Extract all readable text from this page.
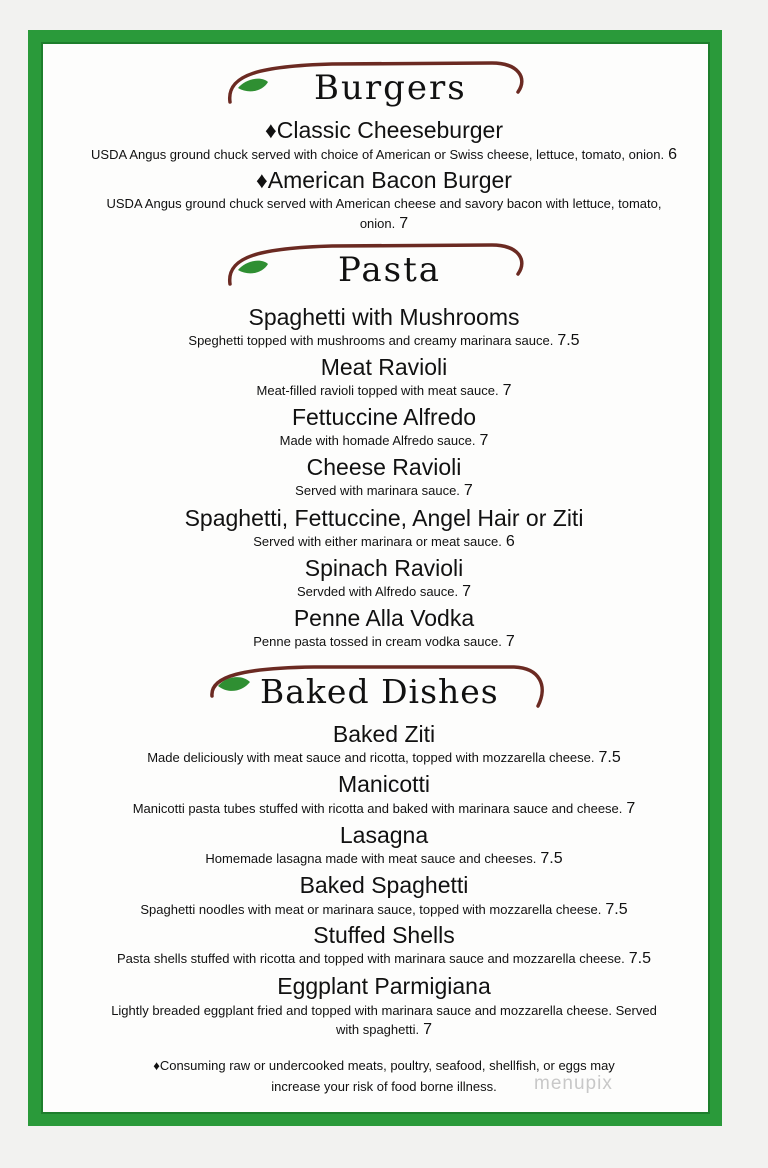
Burgers
♦Classic Cheeseburger
USDA Angus ground chuck served with choice of American or Swiss cheese, lettuce, tomato, onion. 6
♦American Bacon Burger
USDA Angus ground chuck served with American cheese and savory bacon with lettuce, tomato,
onion. 7
Pasta
Spaghetti with Mushrooms
Speghetti topped with mushrooms and creamy marinara sauce. 7.5
Meat Ravioli
Meat-filled ravioli topped with meat sauce. 7
Fettuccine Alfredo
Made with homade Alfredo sauce. 7
Cheese Ravioli
Served with marinara sauce. 7
Spaghetti, Fettuccine, Angel Hair or Ziti
Served with either marinara or meat sauce. 6
Spinach Ravioli
Servded with Alfredo sauce. 7
Penne Alla Vodka
Penne pasta tossed in cream vodka sauce. 7
Baked Dishes
Baked Ziti
Made deliciously with meat sauce and ricotta, topped with mozzarella cheese. 7.5
Manicotti
Manicotti pasta tubes stuffed with ricotta and baked with marinara sauce and cheese. 7
Lasagna
Homemade lasagna made with meat sauce and cheeses. 7.5
Baked Spaghetti
Spaghetti noodles with meat or marinara sauce, topped with mozzarella cheese. 7.5
Stuffed Shells
Pasta shells stuffed with ricotta and topped with marinara sauce and mozzarella cheese. 7.5
Eggplant Parmigiana
Lightly breaded eggplant fried and topped with marinara sauce and mozzarella cheese. Served
with spaghetti. 7
♦Consuming raw or undercooked meats, poultry, seafood, shellfish, or eggs may
increase your risk of food borne illness.	menupix
